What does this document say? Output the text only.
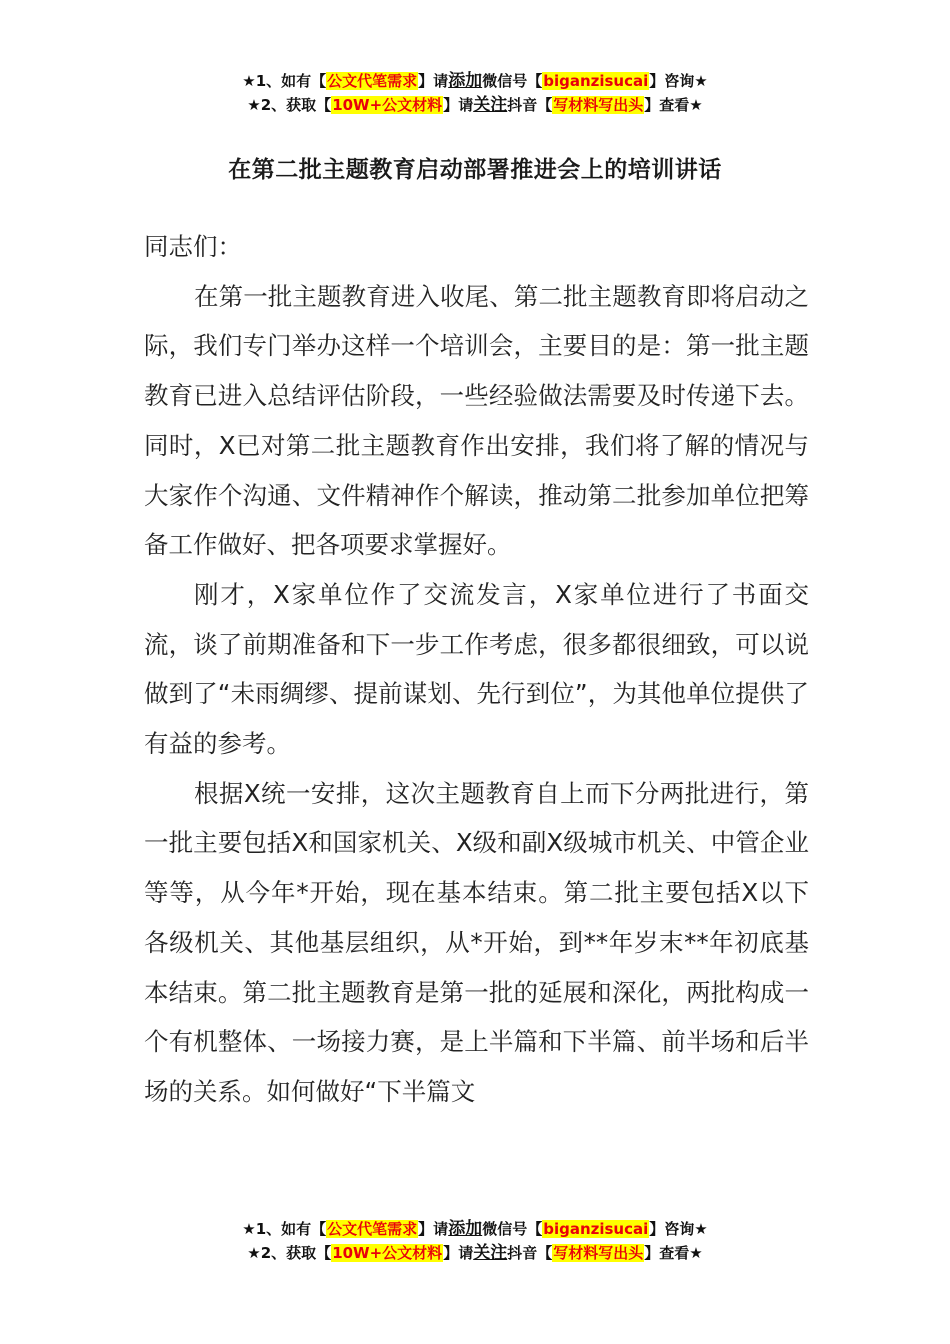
★1、如有【公文代笔需求】请添加微信号【biganzisucai】咨询★
★2、获取【10W+公文材料】请关注抖音【写材料写出头】查看★
在第二批主题教育启动部署推进会上的培训讲话

同志们：

在第一批主题教育进入收尾、第二批主题教育即将启动之际，我们专门举办这样一个培训会，主要目的是：第一批主题教育已进入总结评估阶段，一些经验做法需要及时传递下去。同时，X已对第二批主题教育作出安排，我们将了解的情况与大家作个沟通、文件精神作个解读，推动第二批参加单位把筹备工作做好、把各项要求掌握好。

刚才，X家单位作了交流发言，X家单位进行了书面交流，谈了前期准备和下一步工作考虑，很多都很细致，可以说做到了“未雨绸缪、提前谋划、先行到位”，为其他单位提供了有益的参考。

根据X统一安排，这次主题教育自上而下分两批进行，第一批主要包括X和国家机关、X级和副X级城市机关、中管企业等等，从今年*开始，现在基本结束。第二批主要包括X以下各级机关、其他基层组织，从*开始，到**年岁末**年初底基本结束。第二批主题教育是第一批的延展和深化，两批构成一个有机整体、一场接力赛，是上半篇和下半篇、前半场和后半场的关系。如何做好“下半篇文

★1、如有【公文代笔需求】请添加微信号【biganzisucai】咨询★
★2、获取【10W+公文材料】请关注抖音【写材料写出头】查看★
